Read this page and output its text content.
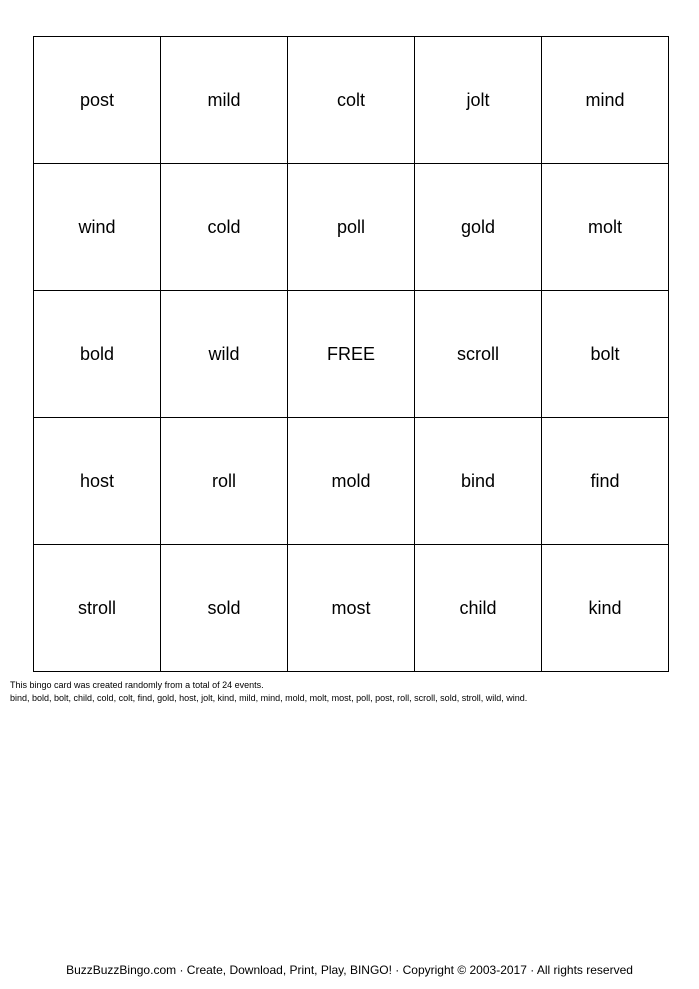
post	mild	colt	jolt	mind
wind	cold	poll	gold	molt
bold	wild	FREE	scroll	bolt
host	roll	mold	bind	find
stroll	sold	most	child	kind
This bingo card was created randomly from a total of 24 events.
bind, bold, bolt, child, cold, colt, find, gold, host, jolt, kind, mild, mind, mold, molt, most, poll, post, roll, scroll, sold, stroll, wild, wind.
BuzzBuzzBingo.com · Create, Download, Print, Play, BINGO! · Copyright © 2003-2017 · All rights reserved
